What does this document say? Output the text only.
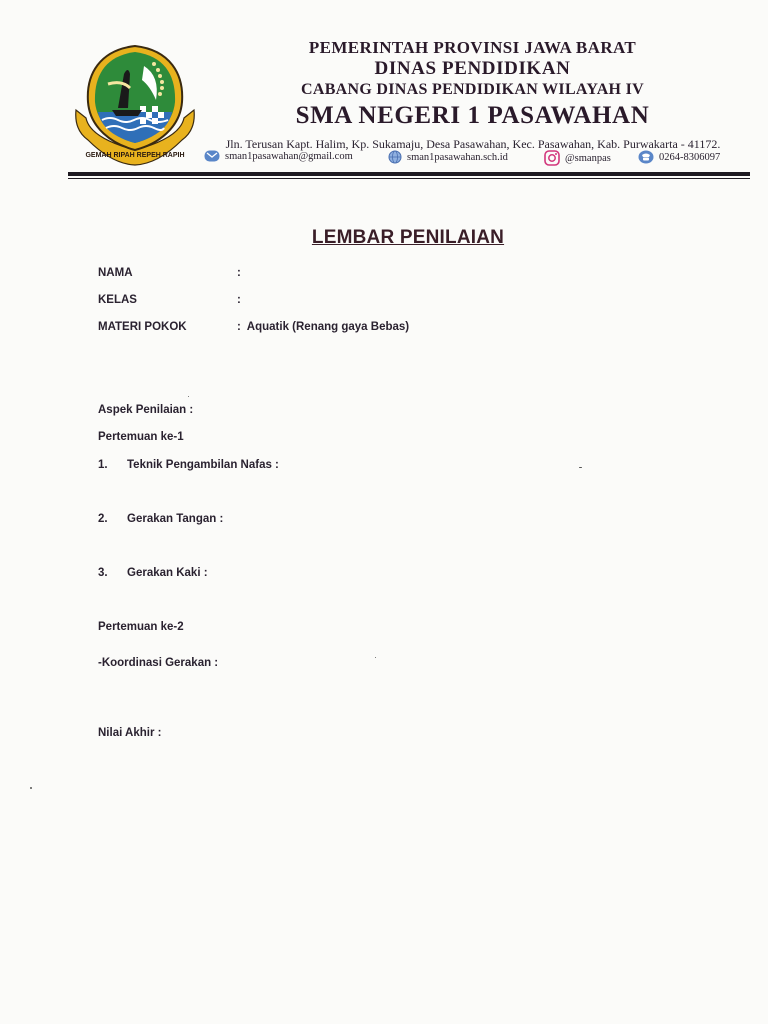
GEMAH RIPAH REPEH RAPIH
PEMERINTAH PROVINSI JAWA BARAT
DINAS PENDIDIKAN
CABANG DINAS PENDIDIKAN WILAYAH IV
SMA NEGERI 1 PASAWAHAN
Jln. Terusan Kapt. Halim, Kp. Sukamaju, Desa Pasawahan, Kec. Pasawahan, Kab. Purwakarta - 41172.
sman1pasawahan@gmail.com	sman1pasawahan.sch.id	@smanpas	0264-8306097
LEMBAR PENILAIAN
NAMA	:
KELAS	:
MATERI POKOK	:  Aquatik (Renang gaya Bebas)
Aspek Penilaian :
Pertemuan ke-1
1. Teknik Pengambilan Nafas :
2. Gerakan Tangan :
3. Gerakan Kaki :
Pertemuan ke-2
-Koordinasi Gerakan :
Nilai Akhir :
